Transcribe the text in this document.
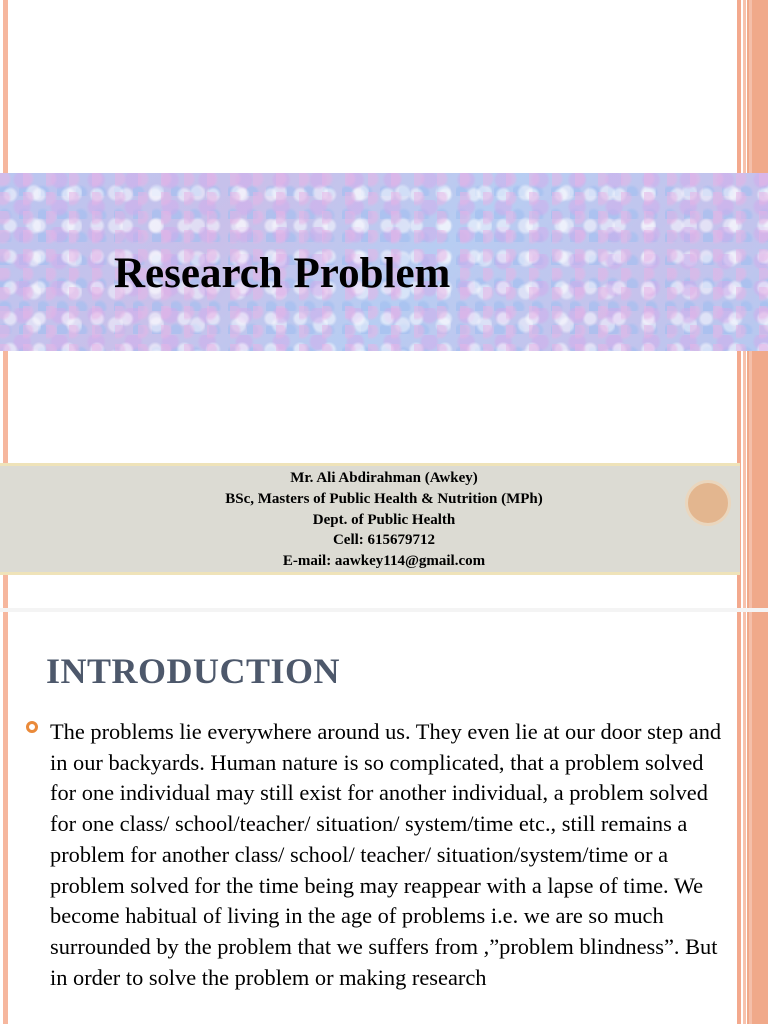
Research Problem
Mr. Ali Abdirahman (Awkey)
BSc, Masters of Public Health & Nutrition (MPh)
Dept. of Public Health
Cell: 615679712
E-mail: aawkey114@gmail.com
INTRODUCTION
The problems lie everywhere around us. They even lie at our door step and in our backyards. Human nature is so complicated, that a problem solved for one individual may still exist for another individual, a problem solved for one class/ school/teacher/ situation/ system/time etc., still remains a problem for another class/ school/ teacher/ situation/system/time or a problem solved for the time being may reappear with a lapse of time. We become habitual of living in the age of problems i.e. we are so much surrounded by the problem that we suffers from ,”problem blindness”. But in order to solve the problem or making research
